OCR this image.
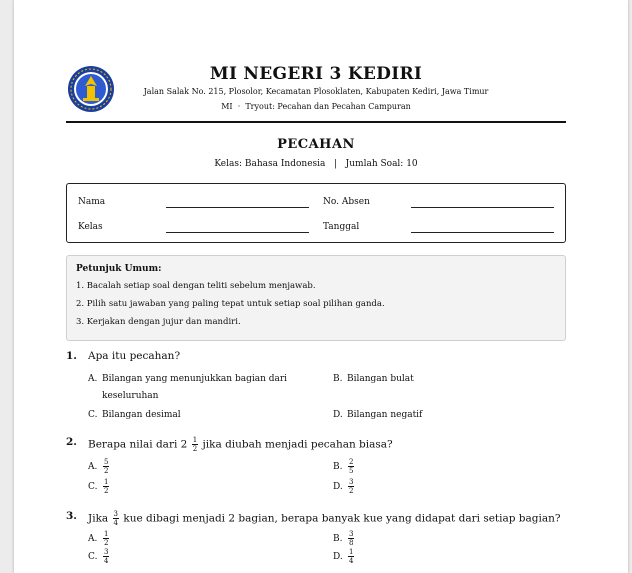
MI NEGERI 3 KEDIRI
Jalan Salak No. 215, Plosolor, Kecamatan Plosoklaten, Kabupaten Kediri, Jawa Timur
MI · Tryout: Pecahan dan Pecahan Campuran
PECAHAN
Kelas: Bahasa Indonesia | Jumlah Soal: 10
Nama	No. Absen
Kelas	Tanggal
Petunjuk Umum:
1. Bacalah setiap soal dengan teliti sebelum menjawab.
2. Pilih satu jawaban yang paling tepat untuk setiap soal pilihan ganda.
3. Kerjakan dengan jujur dan mandiri.
1. Apa itu pecahan?
A. Bilangan yang menunjukkan bagian dari
keseluruhan
B. Bilangan bulat
C. Bilangan desimal	D. Bilangan negatif
2. Berapa nilai dari $2 \frac{1}{2}$ jika diubah menjadi pecahan biasa?
A. $\frac{5}{2}$	B. $\frac{2}{5}$
C. $\frac{1}{2}$	D. $\frac{3}{2}$
3. Jika $\frac{3}{4}$ kue dibagi menjadi 2 bagian, berapa banyak kue yang didapat dari setiap bagian?
A. $\frac{1}{2}$	B. $\frac{3}{8}$
C. $\frac{3}{4}$	D. $\frac{1}{4}$
